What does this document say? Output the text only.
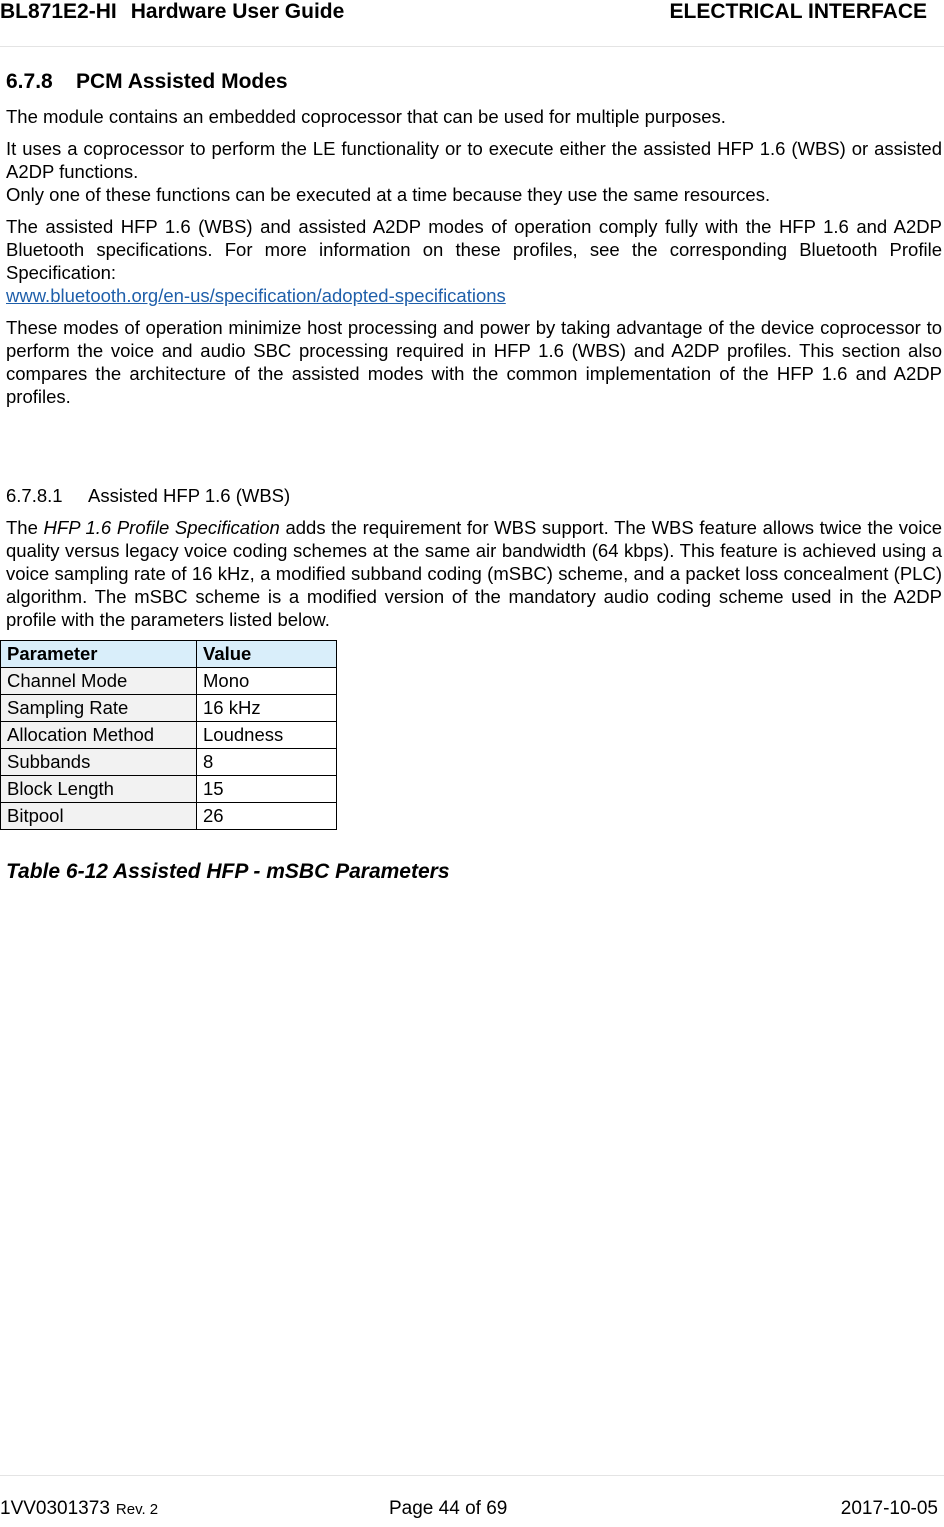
BL871E2-HI Hardware User Guide	ELECTRICAL INTERFACE
6.7.8 PCM Assisted Modes

The module contains an embedded coprocessor that can be used for multiple purposes.

It uses a coprocessor to perform the LE functionality or to execute either the assisted HFP 1.6 (WBS) or assisted A2DP functions.

Only one of these functions can be executed at a time because they use the same resources.

The assisted HFP 1.6 (WBS) and assisted A2DP modes of operation comply fully with the HFP 1.6 and A2DP Bluetooth specifications. For more information on these profiles, see the corresponding Bluetooth Profile Specification:

www.bluetooth.org/en-us/specification/adopted-specifications

These modes of operation minimize host processing and power by taking advantage of the device coprocessor to perform the voice and audio SBC processing required in HFP 1.6 (WBS) and A2DP profiles. This section also compares the architecture of the assisted modes with the common implementation of the HFP 1.6 and A2DP profiles.

6.7.8.1 Assisted HFP 1.6 (WBS)

The HFP 1.6 Profile Specification adds the requirement for WBS support. The WBS feature allows twice the voice quality versus legacy voice coding schemes at the same air bandwidth (64 kbps). This feature is achieved using a voice sampling rate of 16 kHz, a modified subband coding (mSBC) scheme, and a packet loss concealment (PLC) algorithm. The mSBC scheme is a modified version of the mandatory audio coding scheme used in the A2DP profile with the parameters listed below.

Parameter	Value
Channel Mode	Mono
Sampling Rate	16 kHz
Allocation Method	Loudness
Subbands	8
Block Length	15
Bitpool	26
Table 6-12 Assisted HFP - mSBC Parameters
1VV0301373 Rev. 2	Page 44 of 69	2017-10-05
